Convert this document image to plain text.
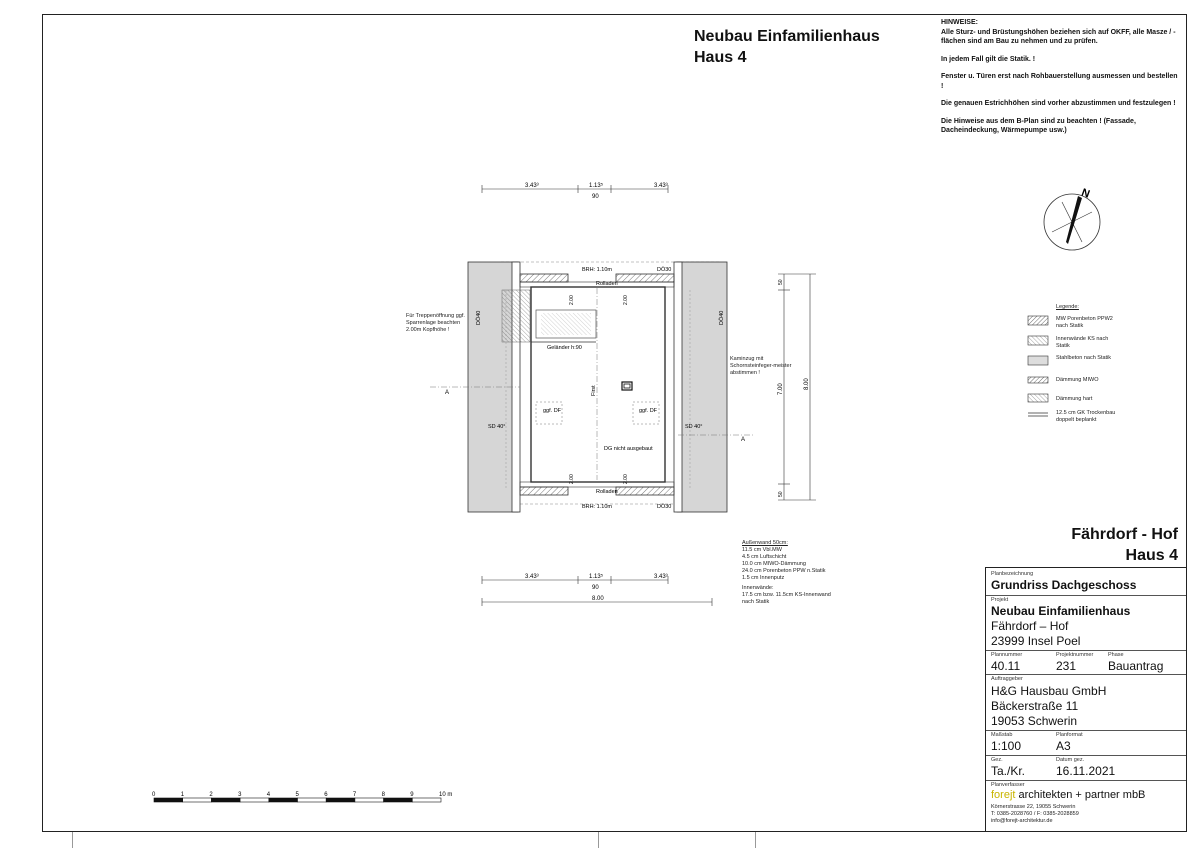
Neubau Einfamilienhaus
Haus 4
HINWEISE:
Alle Sturz- und Brüstungshöhen beziehen sich auf OKFF, alle Masze / -flächen sind am Bau zu nehmen und zu prüfen.
In jedem Fall gilt die Statik. !
Fenster u. Türen erst nach Rohbauerstellung ausmessen und bestellen !
Die genauen Estrichhöhen sind vorher abzustimmen und festzulegen !
Die Hinweise aus dem B-Plan sind zu beachten ! (Fassade, Dacheindeckung, Wärmepumpe usw.)
N
3.43³	1.13⁵
90
3.43³
A
A
BRH: 1.10m	DÖ30
Rolladen
Rolladen
BRH: 1.10m	DÖ30
DÖ40	DÖ40
SD 40°	SD 40°
2.00	2.00
2.00	2.00
Geländer h:90
First
ggf. DF	ggf. DF
DG nicht ausgebaut
50
7.00
50
8.00
3.43³	1.13⁵
90
3.43³
8.00
Für Treppenöffnung ggf. Sparrenlage beachten 2.00m Kopfhöhe !
Kaminzug mit Schornsteinfeger-meister abstimmen !
Außenwand 50cm:
11.5 cm Vbl.MW
4.5 cm Luftschicht
10.0 cm MIWO-Dämmung
24.0 cm Porenbeton PPW n.Statik
1.5 cm Innenputz
Innenwände:
17.5 cm bzw. 11.5cm KS-Innenwand
nach Statik
Legende:
MW Porenbeton PPW2 nach Statik
Innenwände KS nach Statik
Stahlbeton nach Statik
Dämmung MIWO
Dämmung hart
12.5 cm GK Trockenbau doppelt beplankt
0	1	2	3	4	5	6	7	8	9	10 m
Fährdorf - Hof
Haus 4
Planbezeichnung
Grundriss Dachgeschoss
Projekt
Neubau Einfamilienhaus
Fährdorf – Hof
23999 Insel Poel
Plannummer	Projektnummer	Phase
40.11	231	Bauantrag
Auftraggeber
H&G Hausbau GmbH
Bäckerstraße 11
19053 Schwerin
Maßstab	Planformat
1:100	A3
Gez.	Datum gez.
Ta./Kr.	16.11.2021
Planverfasser
Körnerstrasse 22, 19055 Schwerin
T: 0385-2028760 / F: 0385-2028859
info@forejt-architektur.de
forejt architekten + partner mbB
